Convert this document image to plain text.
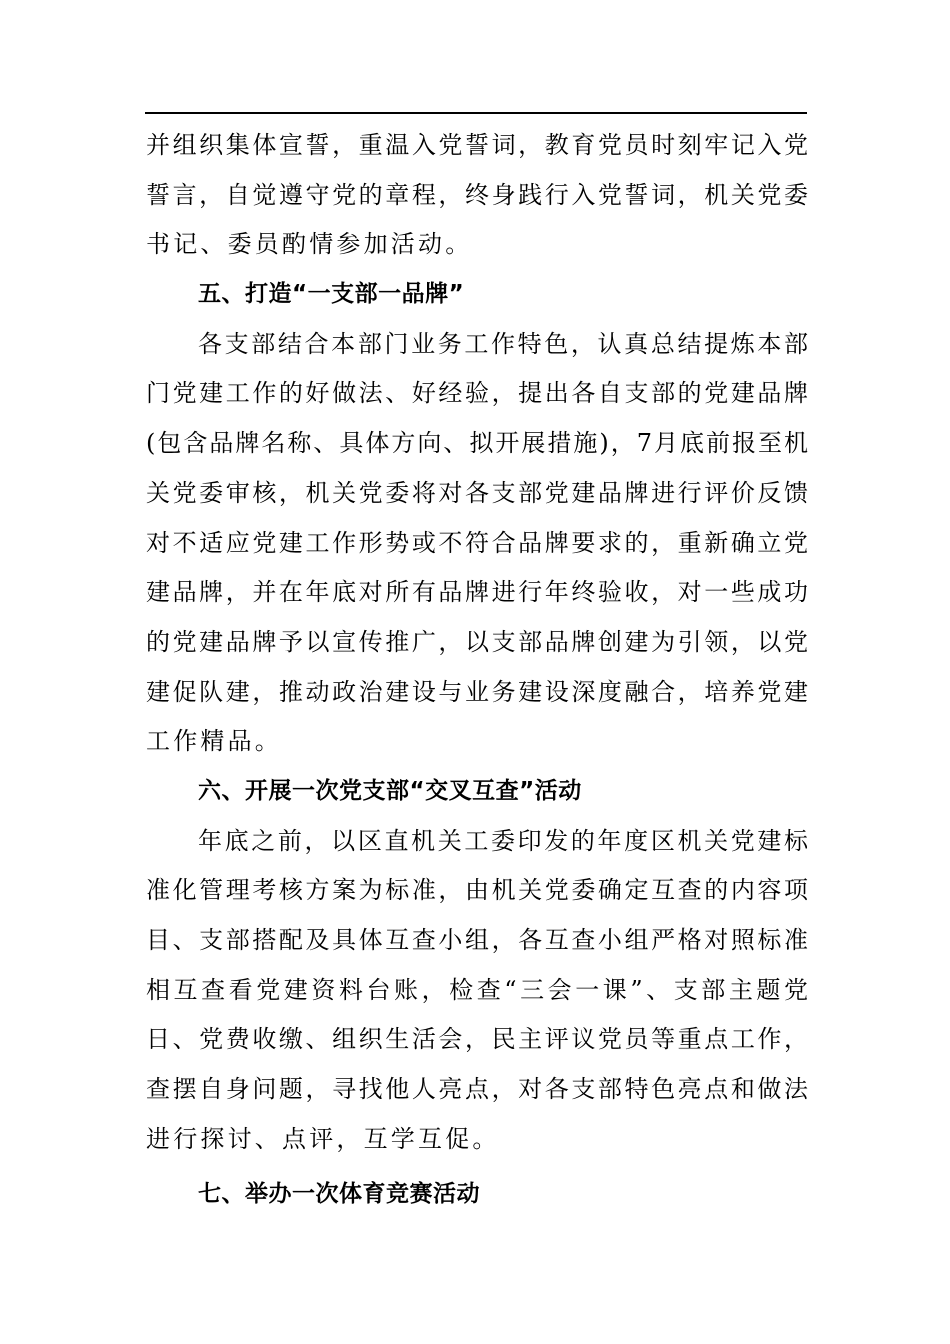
并组织集体宣誓，重温入党誓词，教育党员时刻牢记入党
誓言，自觉遵守党的章程，终身践行入党誓词，机关党委
书记、委员酌情参加活动。
五、打造“一支部一品牌”
各支部结合本部门业务工作特色，认真总结提炼本部
门党建工作的好做法、好经验，提出各自支部的党建品牌
(包含品牌名称、具体方向、拟开展措施)，7月底前报至机
关党委审核，机关党委将对各支部党建品牌进行评价反馈
对不适应党建工作形势或不符合品牌要求的，重新确立党
建品牌，并在年底对所有品牌进行年终验收，对一些成功
的党建品牌予以宣传推广，以支部品牌创建为引领，以党
建促队建，推动政治建设与业务建设深度融合，培养党建
工作精品。
六、开展一次党支部“交叉互查”活动
年底之前，以区直机关工委印发的年度区机关党建标
准化管理考核方案为标准，由机关党委确定互查的内容项
目、支部搭配及具体互查小组，各互查小组严格对照标准
相互查看党建资料台账，检查“三会一课”、支部主题党
日、党费收缴、组织生活会，民主评议党员等重点工作，
查摆自身问题，寻找他人亮点，对各支部特色亮点和做法
进行探讨、点评，互学互促。
七、举办一次体育竞赛活动
